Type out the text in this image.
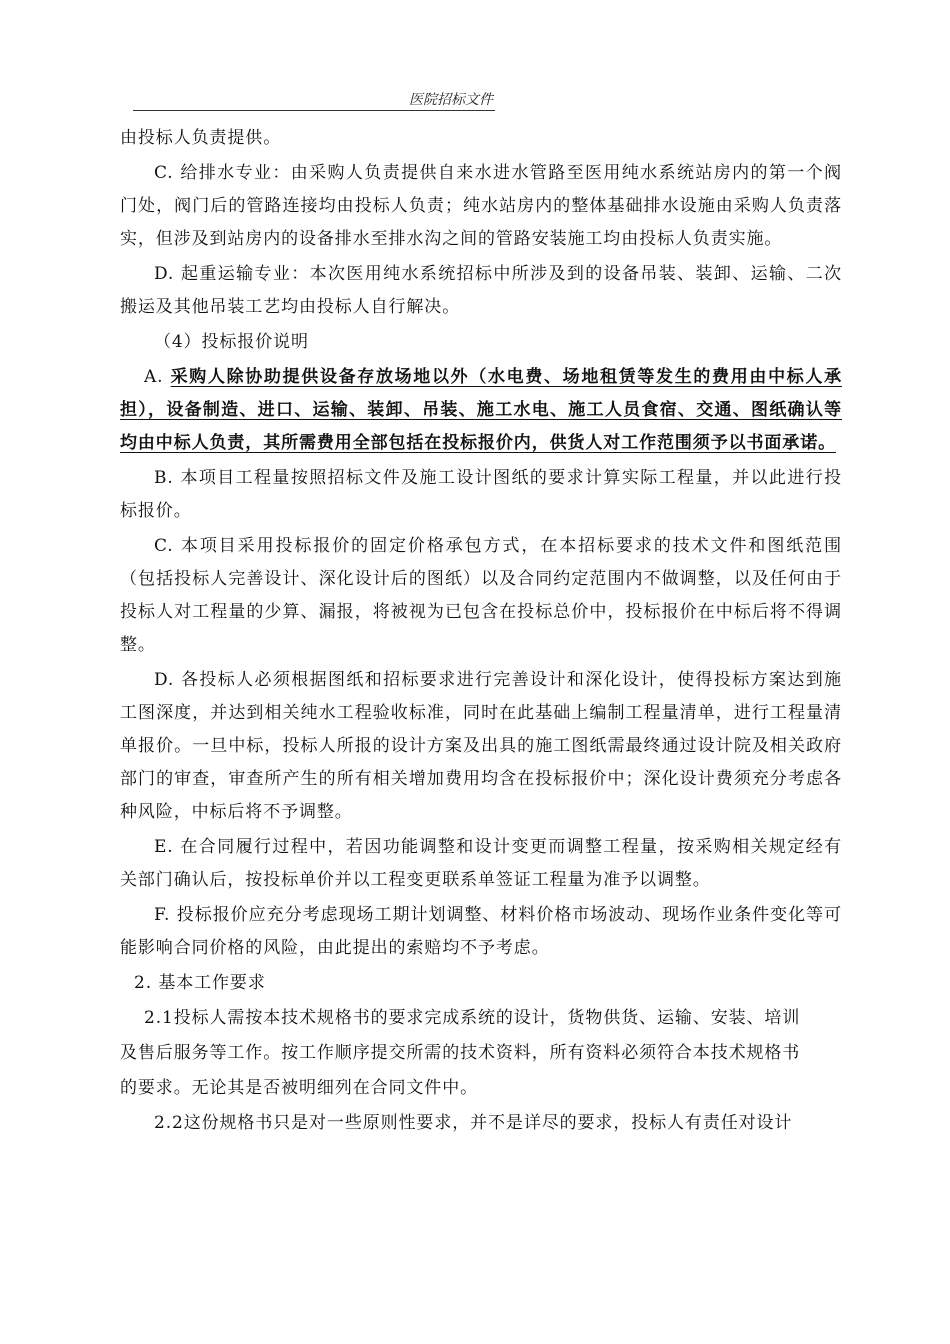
医院招标文件

由投标人负责提供。

C. 给排水专业：由采购人负责提供自来水进水管路至医用纯水系统站房内的第一个阀门处，阀门后的管路连接均由投标人负责；纯水站房内的整体基础排水设施由采购人负责落实，但涉及到站房内的设备排水至排水沟之间的管路安装施工均由投标人负责实施。

D. 起重运输专业：本次医用纯水系统招标中所涉及到的设备吊装、装卸、运输、二次搬运及其他吊装工艺均由投标人自行解决。

（4）投标报价说明

A. 采购人除协助提供设备存放场地以外（水电费、场地租赁等发生的费用由中标人承担），设备制造、进口、运输、装卸、吊装、施工水电、施工人员食宿、交通、图纸确认等均由中标人负责，其所需费用全部包括在投标报价内，供货人对工作范围须予以书面承诺。

B. 本项目工程量按照招标文件及施工设计图纸的要求计算实际工程量，并以此进行投标报价。

C. 本项目采用投标报价的固定价格承包方式，在本招标要求的技术文件和图纸范围（包括投标人完善设计、深化设计后的图纸）以及合同约定范围内不做调整，以及任何由于投标人对工程量的少算、漏报，将被视为已包含在投标总价中，投标报价在中标后将不得调整。

D. 各投标人必须根据图纸和招标要求进行完善设计和深化设计，使得投标方案达到施工图深度，并达到相关纯水工程验收标准，同时在此基础上编制工程量清单，进行工程量清单报价。一旦中标，投标人所报的设计方案及出具的施工图纸需最终通过设计院及相关政府部门的审查，审查所产生的所有相关增加费用均含在投标报价中；深化设计费须充分考虑各种风险，中标后将不予调整。

E. 在合同履行过程中，若因功能调整和设计变更而调整工程量，按采购相关规定经有关部门确认后，按投标单价并以工程变更联系单签证工程量为准予以调整。

F. 投标报价应充分考虑现场工期计划调整、材料价格市场波动、现场作业条件变化等可能影响合同价格的风险，由此提出的索赔均不予考虑。

2. 基本工作要求

2.1投标人需按本技术规格书的要求完成系统的设计，货物供货、运输、安装、培训

及售后服务等工作。按工作顺序提交所需的技术资料，所有资料必须符合本技术规格书

的要求。无论其是否被明细列在合同文件中。

2.2这份规格书只是对一些原则性要求，并不是详尽的要求，投标人有责任对设计
